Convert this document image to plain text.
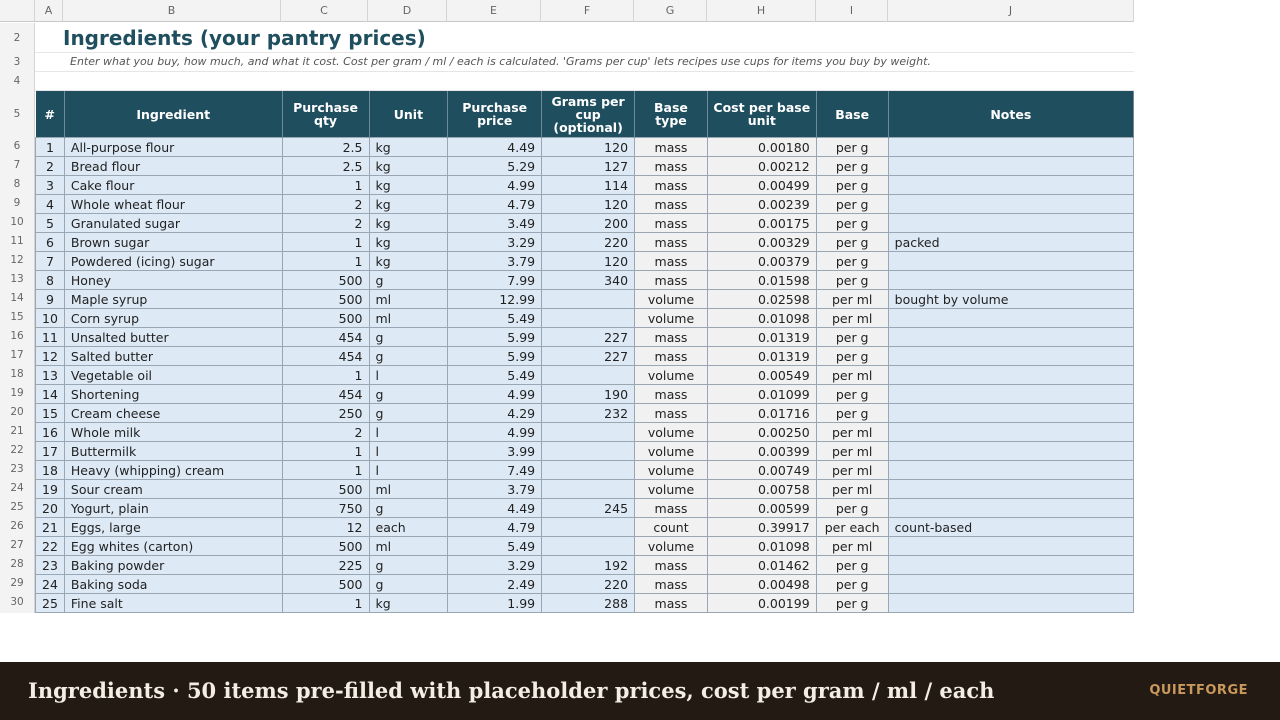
A	B	C	D	E	F	G	H	I	J
2
3
4
5
Ingredients (your pantry prices)
Enter what you buy, how much, and what it cost. Cost per gram / ml / each is calculated. 'Grams per cup' lets recipes use cups for items you buy by weight.
#	Ingredient	Purchase qty	Unit	Purchase price	Grams per cup (optional)	Base type	Cost per base unit	Base	Notes
1	All-purpose flour	2.5	kg	4.49	120	mass	0.00180	per g	
2	Bread flour	2.5	kg	5.29	127	mass	0.00212	per g	
3	Cake flour	1	kg	4.99	114	mass	0.00499	per g	
4	Whole wheat flour	2	kg	4.79	120	mass	0.00239	per g	
5	Granulated sugar	2	kg	3.49	200	mass	0.00175	per g	
6	Brown sugar	1	kg	3.29	220	mass	0.00329	per g	packed
7	Powdered (icing) sugar	1	kg	3.79	120	mass	0.00379	per g	
8	Honey	500	g	7.99	340	mass	0.01598	per g	
9	Maple syrup	500	ml	12.99		volume	0.02598	per ml	bought by volume
10	Corn syrup	500	ml	5.49		volume	0.01098	per ml	
11	Unsalted butter	454	g	5.99	227	mass	0.01319	per g	
12	Salted butter	454	g	5.99	227	mass	0.01319	per g	
13	Vegetable oil	1	l	5.49		volume	0.00549	per ml	
14	Shortening	454	g	4.99	190	mass	0.01099	per g	
15	Cream cheese	250	g	4.29	232	mass	0.01716	per g	
16	Whole milk	2	l	4.99		volume	0.00250	per ml	
17	Buttermilk	1	l	3.99		volume	0.00399	per ml	
18	Heavy (whipping) cream	1	l	7.49		volume	0.00749	per ml	
19	Sour cream	500	ml	3.79		volume	0.00758	per ml	
20	Yogurt, plain	750	g	4.49	245	mass	0.00599	per g	
21	Eggs, large	12	each	4.79		count	0.39917	per each	count-based
22	Egg whites (carton)	500	ml	5.49		volume	0.01098	per ml	
23	Baking powder	225	g	3.29	192	mass	0.01462	per g	
24	Baking soda	500	g	2.49	220	mass	0.00498	per g	
25	Fine salt	1	kg	1.99	288	mass	0.00199	per g	
6
7
8
9
10
11
12
13
14
15
16
17
18
19
20
21
22
23
24
25
26
27
28
29
30
Ingredients · 50 items pre-filled with placeholder prices, cost per gram / ml / each	QUIETFORGE
